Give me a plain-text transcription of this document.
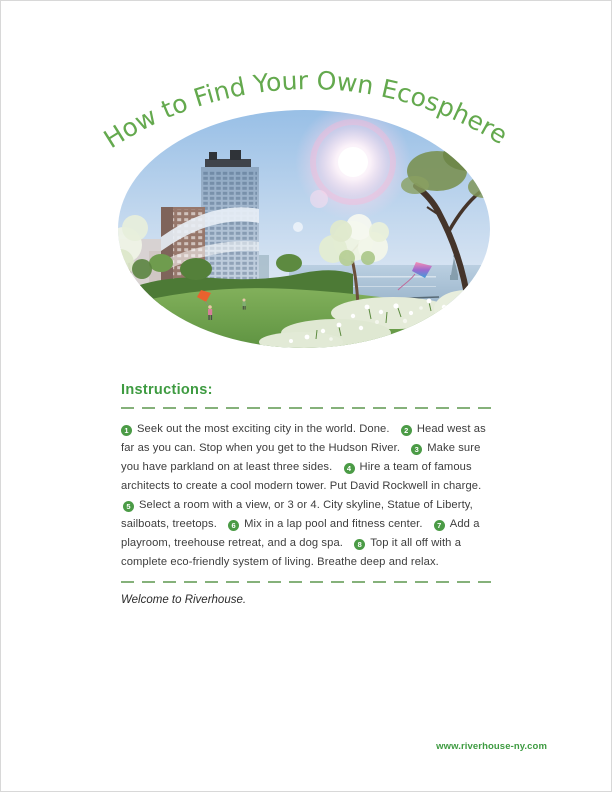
How to Find Your Own Ecosphere
Instructions:

1 Seek out the most exciting city in the world. Done. 2 Head west as far as you can. Stop when you get to the Hudson River. 3 Make sure you have parkland on at least three sides. 4 Hire a team of famous architects to create a cool modern tower. Put David Rockwell in charge. 5 Select a room with a view, or 3 or 4. City skyline, Statue of Liberty, sailboats, treetops. 6 Mix in a lap pool and fitness center. 7 Add a playroom, treehouse retreat, and a dog spa. 8 Top it all off with a complete eco-friendly system of living. Breathe deep and relax.

Welcome to Riverhouse.

www.riverhouse-ny.com
